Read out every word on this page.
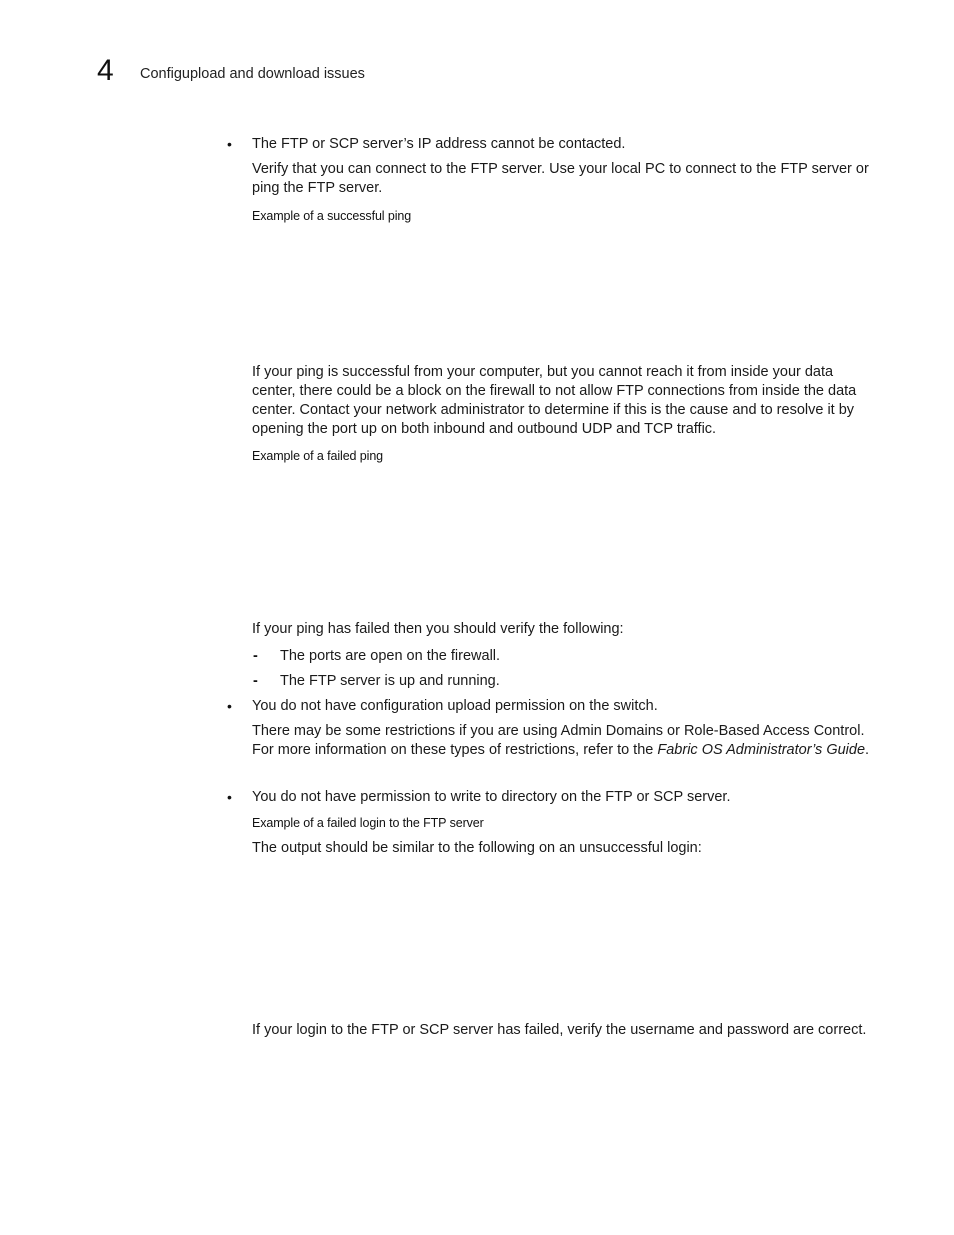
4 Configupload and download issues
• The FTP or SCP server’s IP address cannot be contacted.
Verify that you can connect to the FTP server. Use your local PC to connect to the FTP server or ping the FTP server.
Example of a successful ping
If your ping is successful from your computer, but you cannot reach it from inside your data center, there could be a block on the firewall to not allow FTP connections from inside the data center. Contact your network administrator to determine if this is the cause and to resolve it by opening the port up on both inbound and outbound UDP and TCP traffic.
Example of a failed ping
If your ping has failed then you should verify the following:
- The ports are open on the firewall.
- The FTP server is up and running.
• You do not have configuration upload permission on the switch.
There may be some restrictions if you are using Admin Domains or Role-Based Access Control. For more information on these types of restrictions, refer to the Fabric OS Administrator’s Guide.
• You do not have permission to write to directory on the FTP or SCP server.
Example of a failed login to the FTP server
The output should be similar to the following on an unsuccessful login:
If your login to the FTP or SCP server has failed, verify the username and password are correct.
